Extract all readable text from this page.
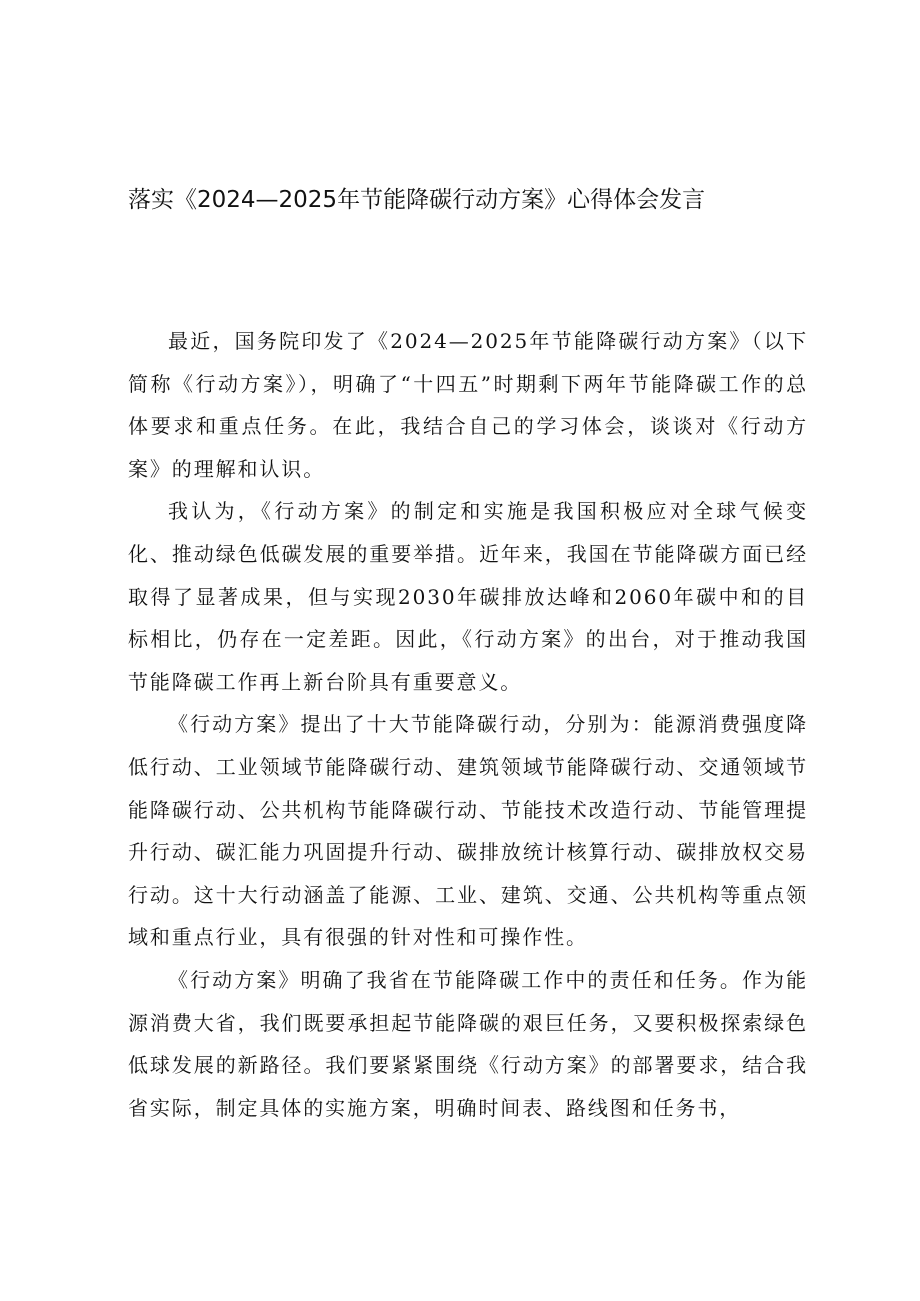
落实《2024—2025年节能降碳行动方案》心得体会发言

最近，国务院印发了《2024—2025年节能降碳行动方案》（以下简称《行动方案》），明确了“十四五”时期剩下两年节能降碳工作的总体要求和重点任务。在此，我结合自己的学习体会，谈谈对《行动方案》的理解和认识。

我认为，《行动方案》的制定和实施是我国积极应对全球气候变化、推动绿色低碳发展的重要举措。近年来，我国在节能降碳方面已经取得了显著成果，但与实现2030年碳排放达峰和2060年碳中和的目标相比，仍存在一定差距。因此，《行动方案》的出台，对于推动我国节能降碳工作再上新台阶具有重要意义。

《行动方案》提出了十大节能降碳行动，分别为：能源消费强度降低行动、工业领域节能降碳行动、建筑领域节能降碳行动、交通领域节能降碳行动、公共机构节能降碳行动、节能技术改造行动、节能管理提升行动、碳汇能力巩固提升行动、碳排放统计核算行动、碳排放权交易行动。这十大行动涵盖了能源、工业、建筑、交通、公共机构等重点领域和重点行业，具有很强的针对性和可操作性。

《行动方案》明确了我省在节能降碳工作中的责任和任务。作为能源消费大省，我们既要承担起节能降碳的艰巨任务，又要积极探索绿色低球发展的新路径。我们要紧紧围绕《行动方案》的部署要求，结合我省实际，制定具体的实施方案，明确时间表、路线图和任务书，
